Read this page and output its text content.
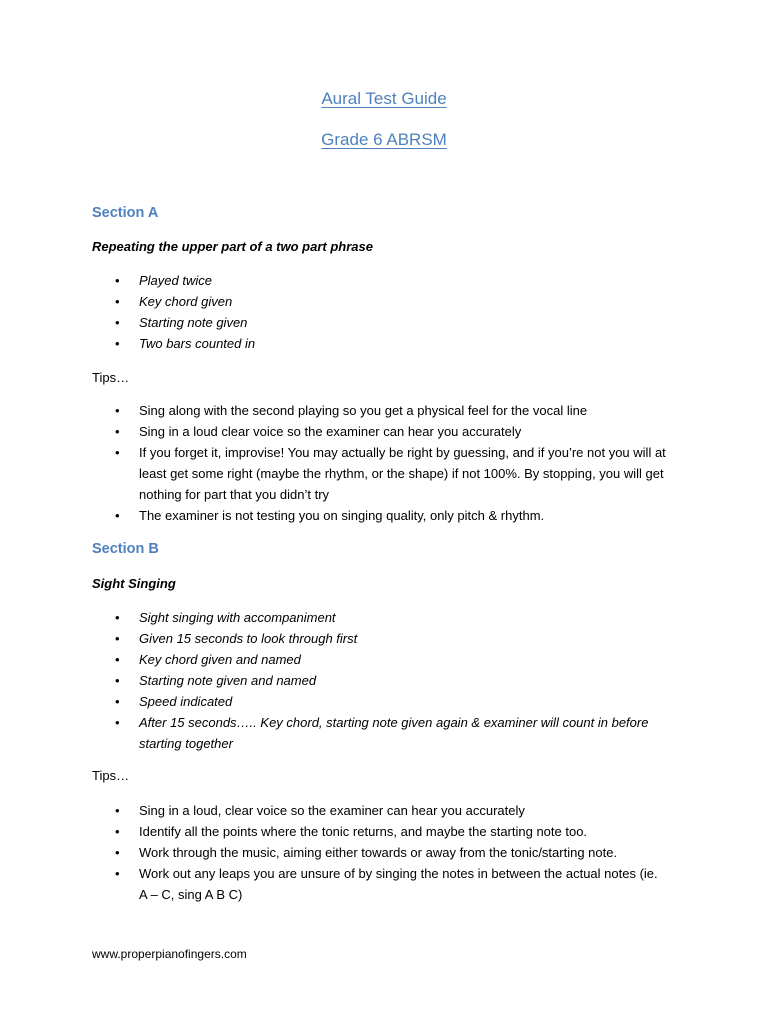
Aural Test Guide
Grade 6 ABRSM
Section A

Repeating the upper part of a two part phrase

• Played twice
• Key chord given
• Starting note given
• Two bars counted in

Tips…

• Sing along with the second playing so you get a physical feel for the vocal line
• Sing in a loud clear voice so the examiner can hear you accurately
• If you forget it, improvise! You may actually be right by guessing, and if you’re not you will at least get some right (maybe the rhythm, or the shape) if not 100%. By stopping, you will get nothing for part that you didn’t try
• The examiner is not testing you on singing quality, only pitch & rhythm.
Section B

Sight Singing

• Sight singing with accompaniment
• Given 15 seconds to look through first
• Key chord given and named
• Starting note given and named
• Speed indicated
• After 15 seconds….. Key chord, starting note given again & examiner will count in before starting together

Tips…

• Sing in a loud, clear voice so the examiner can hear you accurately
• Identify all the points where the tonic returns, and maybe the starting note too.
• Work through the music, aiming either towards or away from the tonic/starting note.
• Work out any leaps you are unsure of by singing the notes in between the actual notes (ie. A – C, sing A B C)

www.properpianofingers.com
